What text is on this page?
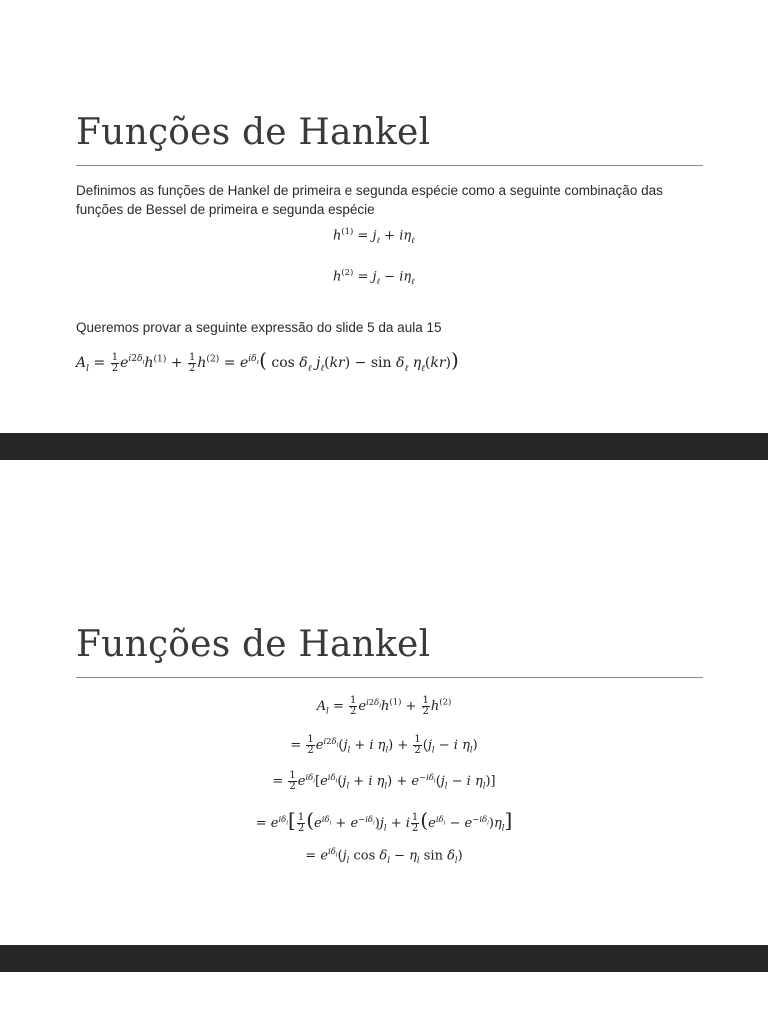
Funções de Hankel

Definimos as funções de Hankel de primeira e segunda espécie como a seguinte combinação das funções de Bessel de primeira e segunda espécie

$h^{(1)} = j_\ell + i\eta_\ell$
$h^{(2)} = j_\ell - i\eta_\ell$

Queremos provar a seguinte expressão do slide 5 da aula 15

$A_l = \frac{1}{2} e^{i2\delta_l}h^{(1)} + \frac{1}{2} h^{(2)} = e^{i\delta_\ell}$( $\cos \delta_\ell$ $j_\ell(kr) - \sin \delta_\ell$ $\eta_\ell(kr)$)
Funções de Hankel
$A_l = \frac{1}{2} e^{i2\delta_l}h^{(1)} + \frac{1}{2} h^{(2)}$
= $\frac{1}{2} e^{i2\delta_l}(j_l + i$ $\eta_l) + \frac{1}{2} (j_l - i$ $\eta_l$)
= $\frac{1}{2} e^{i\delta_l}[e^{i\delta_l}(j_l + i$ $\eta_l) + e^{-i\delta_l}(j_l - i$ $\eta_l$)]
= $e^{i\delta_l}[ \frac{1}{2} (e^{i\delta_l} + e^{-i\delta_l})j_l + i \frac{1}{2} (e^{i\delta_l} - e^{-i\delta_l})\eta_l]$
= $e^{i\delta_l}(j_l$ $\cos \delta_l - \eta_l$ $\sin \delta_l$)
